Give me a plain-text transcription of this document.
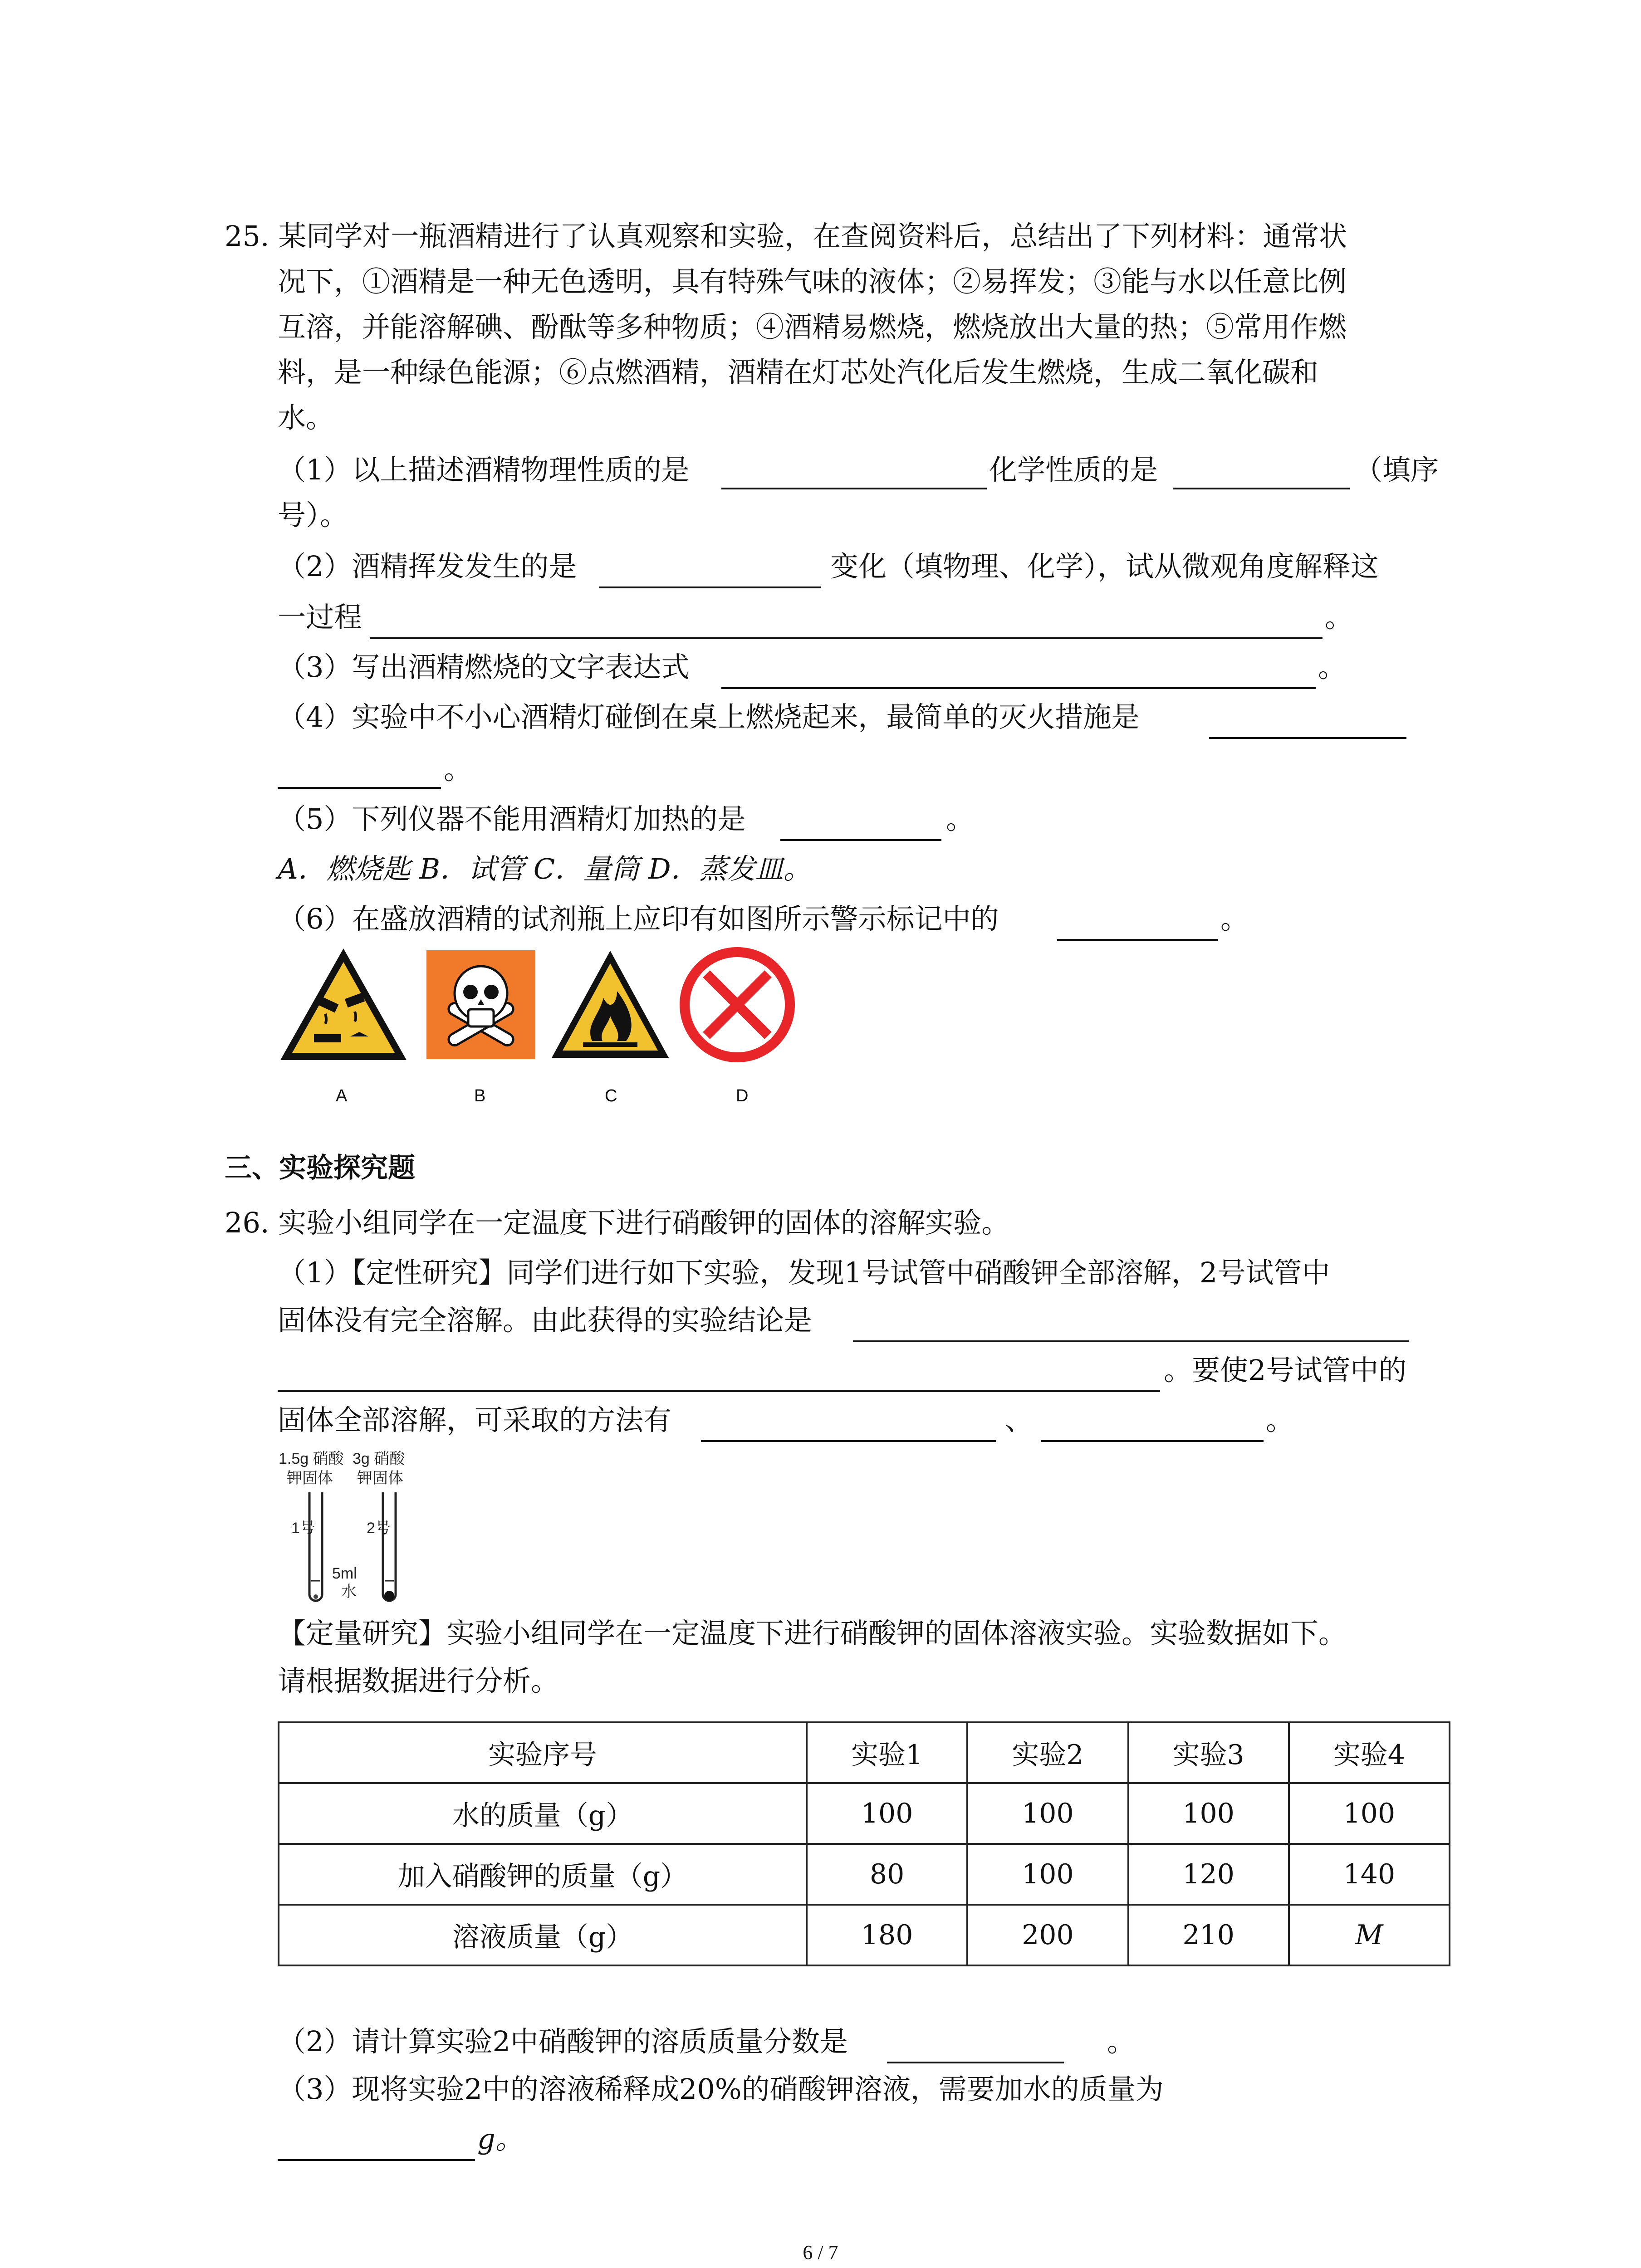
25. 某同学对一瓶酒精进行了认真观察和实验，在查阅资料后，总结出了下列材料：通常状
况下，①酒精是一种无色透明，具有特殊气味的液体；②易挥发；③能与水以任意比例
互溶，并能溶解碘、酚酞等多种物质；④酒精易燃烧，燃烧放出大量的热；⑤常用作燃
料，是一种绿色能源；⑥点燃酒精，酒精在灯芯处汽化后发生燃烧，生成二氧化碳和
水。
（1）以上描述酒精物理性质的是	化学性质的是	（填序
号）。
（2）酒精挥发发生的是	变化（填物理、化学），试从微观角度解释这
一过程	。
（3）写出酒精燃烧的文字表达式	。
（4）实验中不小心酒精灯碰倒在桌上燃烧起来，最简单的灭火措施是
。
（5）下列仪器不能用酒精灯加热的是	。
A．燃烧匙 B．试管 C．量筒 D．蒸发皿。
（6）在盛放酒精的试剂瓶上应印有如图所示警示标记中的	。
A	B	C	D
三、实验探究题
26. 实验小组同学在一定温度下进行硝酸钾的固体的溶解实验。
（1）【定性研究】同学们进行如下实验，发现1号试管中硝酸钾全部溶解，2号试管中
固体没有完全溶解。由此获得的实验结论是
。要使2号试管中的
固体全部溶解，可采取的方法有	、	。
1.5g 硝酸
钾固体
3g 硝酸
钾固体
1号	2号
5ml
水
【定量研究】实验小组同学在一定温度下进行硝酸钾的固体溶液实验。实验数据如下。
请根据数据进行分析。
实验序号	实验1	实验2	实验3	实验4
水的质量（g）	100	100	100	100
加入硝酸钾的质量（g）	80	100	120	140
溶液质量（g）	180	200	210	M
（2）请计算实验2中硝酸钾的溶质质量分数是	。
（3）现将实验2中的溶液稀释成20%的硝酸钾溶液，需要加水的质量为
g。
6 / 7
